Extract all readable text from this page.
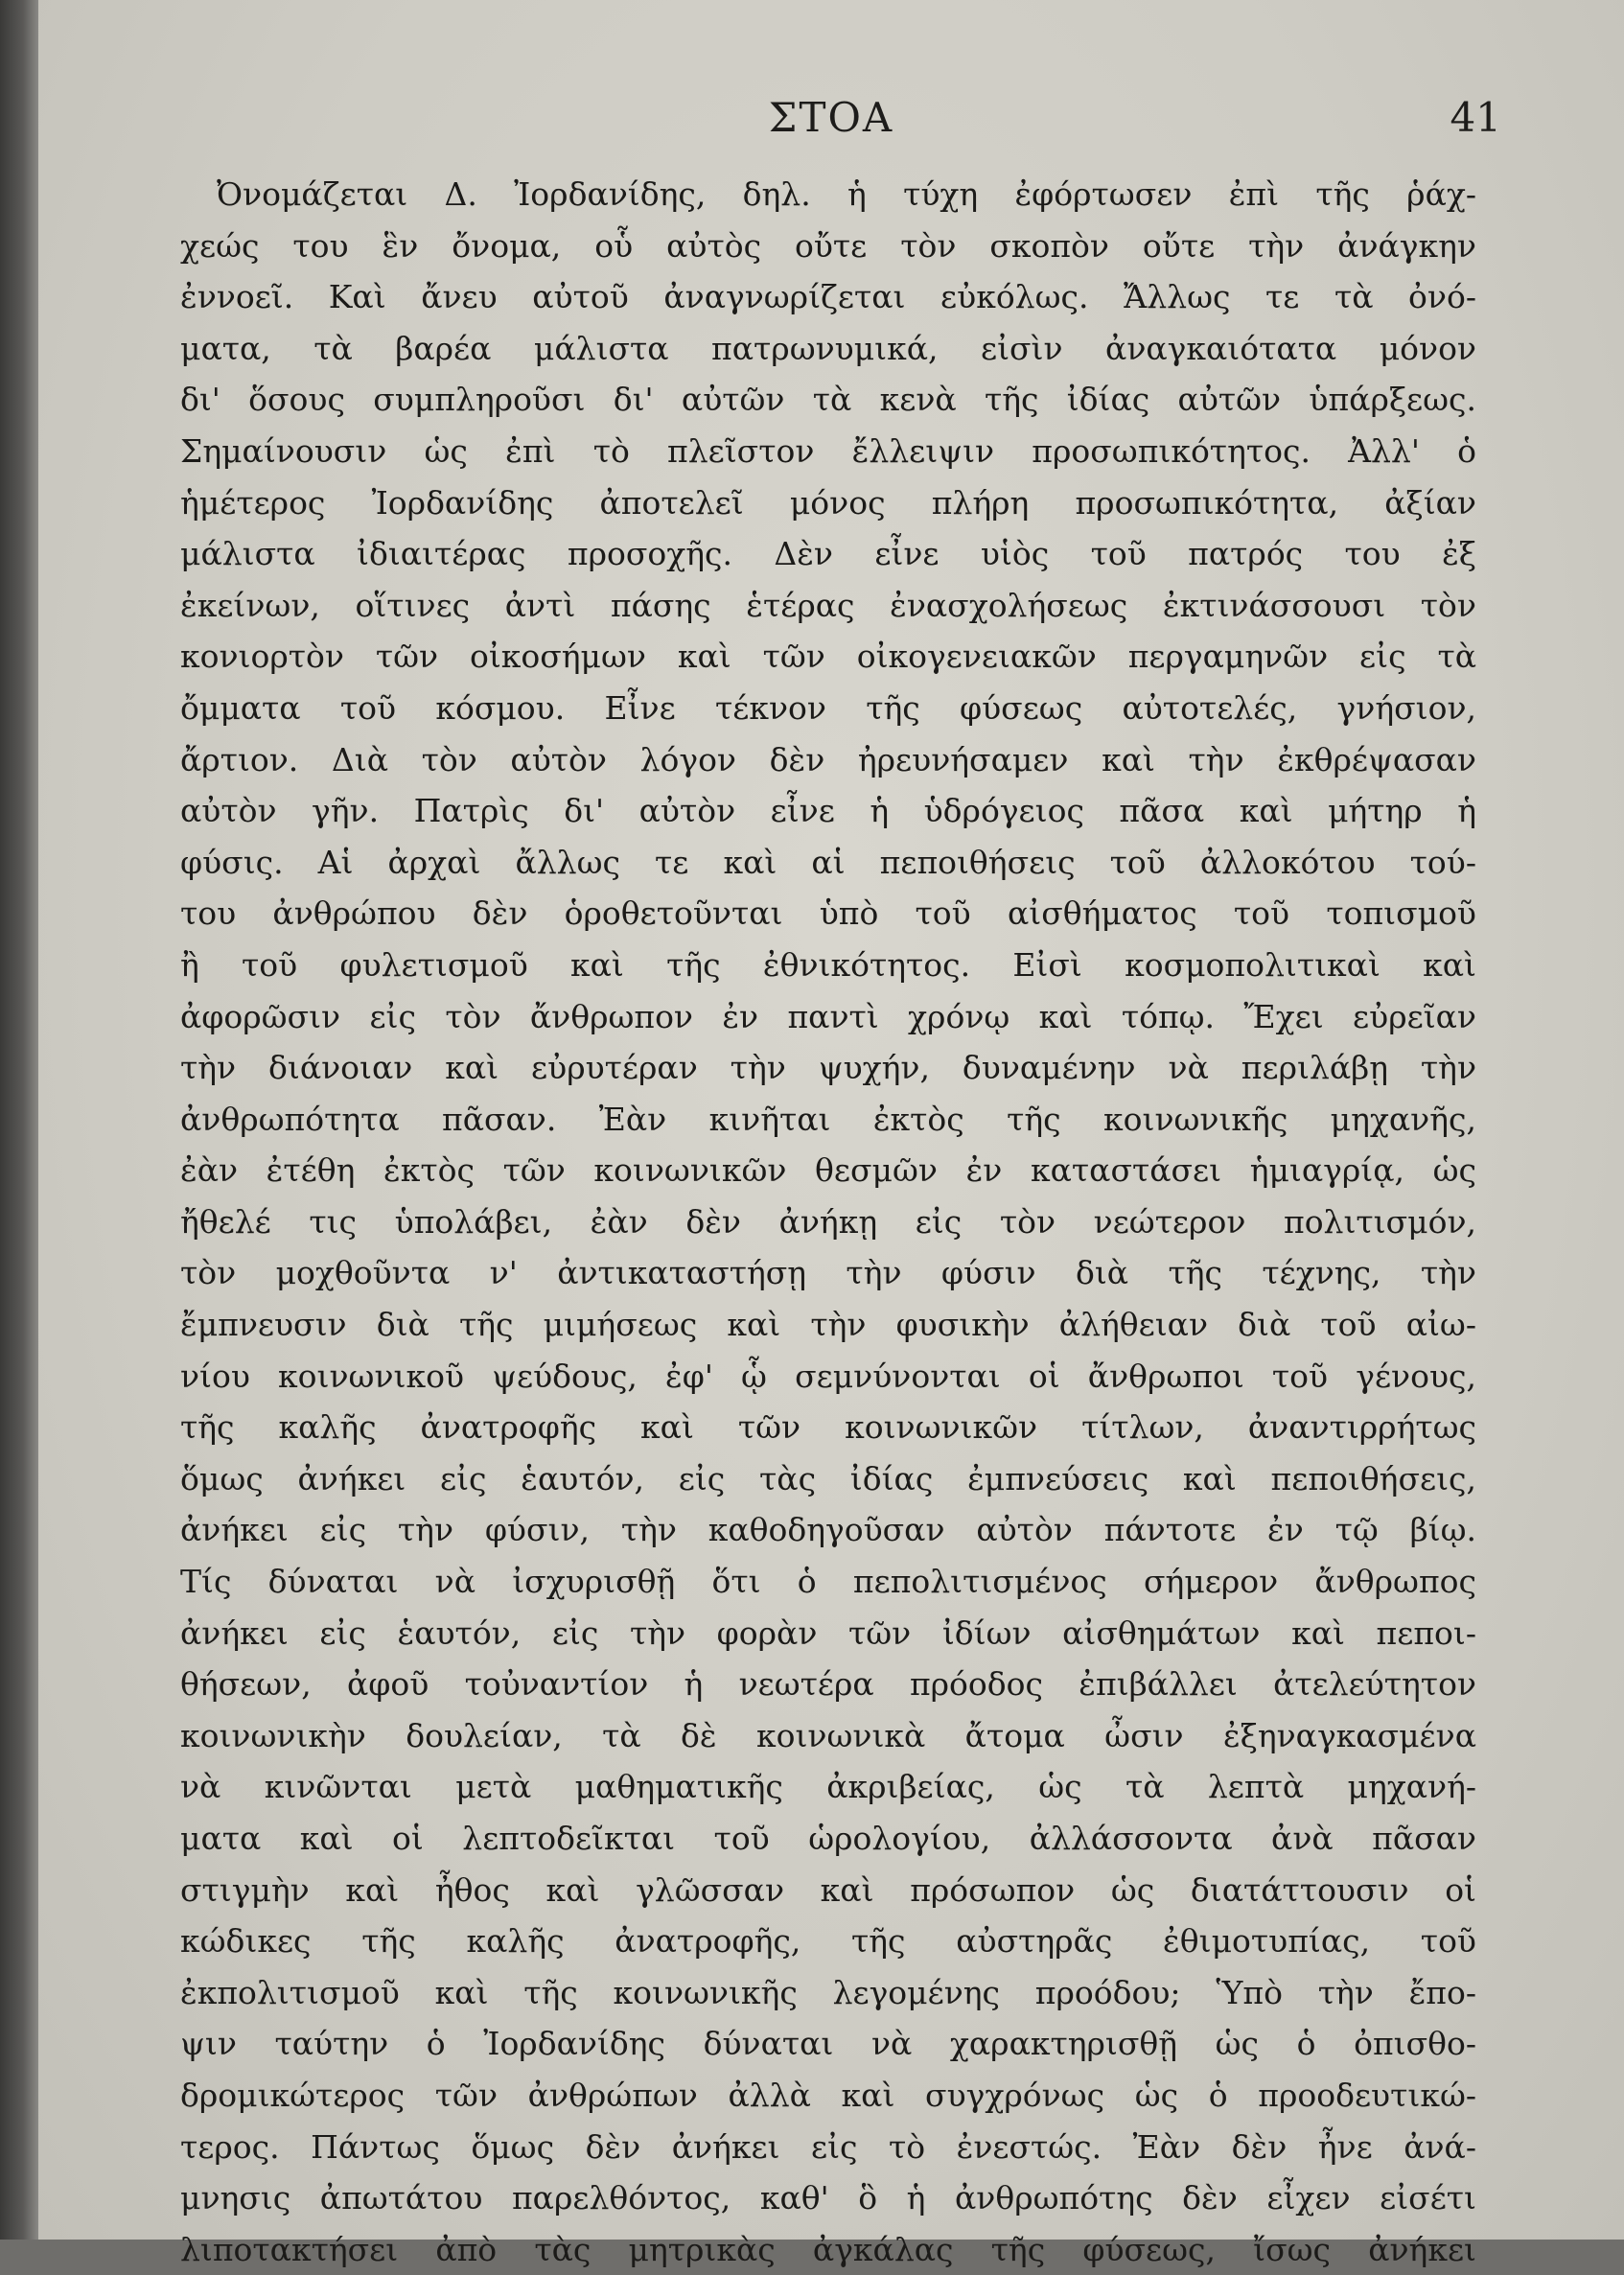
ΣΤΟΑ	41
Ὀνομάζεται Δ. Ἰορδανίδης, δηλ. ἡ τύχη ἐφόρτωσεν ἐπὶ τῆς ῥάχ-
χεώς του ἓν ὄνομα, οὗ αὐτὸς οὔτε τὸν σκοπὸν οὔτε τὴν ἀνάγκην
ἐννοεῖ. Καὶ ἄνευ αὐτοῦ ἀναγνωρίζεται εὐκόλως. Ἄλλως τε τὰ ὀνό-
ματα, τὰ βαρέα μάλιστα πατρωνυμικά, εἰσὶν ἀναγκαιότατα μόνον
δι' ὅσους συμπληροῦσι δι' αὐτῶν τὰ κενὰ τῆς ἰδίας αὐτῶν ὑπάρξεως.
Σημαίνουσιν ὡς ἐπὶ τὸ πλεῖστον ἔλλειψιν προσωπικότητος. Ἀλλ' ὁ
ἡμέτερος Ἰορδανίδης ἀποτελεῖ μόνος πλήρη προσωπικότητα, ἀξίαν
μάλιστα ἰδιαιτέρας προσοχῆς. Δὲν εἶνε υἱὸς τοῦ πατρός του ἐξ
ἐκείνων, οἵτινες ἀντὶ πάσης ἑτέρας ἐνασχολήσεως ἐκτινάσσουσι τὸν
κονιορτὸν τῶν οἰκοσήμων καὶ τῶν οἰκογενειακῶν περγαμηνῶν εἰς τὰ
ὄμματα τοῦ κόσμου. Εἶνε τέκνον τῆς φύσεως αὐτοτελές, γνήσιον,
ἄρτιον. Διὰ τὸν αὐτὸν λόγον δὲν ἠρευνήσαμεν καὶ τὴν ἐκθρέψασαν
αὐτὸν γῆν. Πατρὶς δι' αὐτὸν εἶνε ἡ ὑδρόγειος πᾶσα καὶ μήτηρ ἡ
φύσις. Αἱ ἀρχαὶ ἄλλως τε καὶ αἱ πεποιθήσεις τοῦ ἀλλοκότου τού-
του ἀνθρώπου δὲν ὁροθετοῦνται ὑπὸ τοῦ αἰσθήματος τοῦ τοπισμοῦ
ἢ τοῦ φυλετισμοῦ καὶ τῆς ἐθνικότητος. Εἰσὶ κοσμοπολιτικαὶ καὶ
ἀφορῶσιν εἰς τὸν ἄνθρωπον ἐν παντὶ χρόνῳ καὶ τόπῳ. Ἔχει εὐρεῖαν
τὴν διάνοιαν καὶ εὐρυτέραν τὴν ψυχήν, δυναμένην νὰ περιλάβῃ τὴν
ἀνθρωπότητα πᾶσαν. Ἐὰν κινῆται ἐκτὸς τῆς κοινωνικῆς μηχανῆς,
ἐὰν ἐτέθη ἐκτὸς τῶν κοινωνικῶν θεσμῶν ἐν καταστάσει ἡμιαγρίᾳ, ὡς
ἤθελέ τις ὑπολάβει, ἐὰν δὲν ἀνήκῃ εἰς τὸν νεώτερον πολιτισμόν,
τὸν μοχθοῦντα ν' ἀντικαταστήσῃ τὴν φύσιν διὰ τῆς τέχνης, τὴν
ἔμπνευσιν διὰ τῆς μιμήσεως καὶ τὴν φυσικὴν ἀλήθειαν διὰ τοῦ αἰω-
νίου κοινωνικοῦ ψεύδους, ἐφ' ᾧ σεμνύνονται οἱ ἄνθρωποι τοῦ γένους,
τῆς καλῆς ἀνατροφῆς καὶ τῶν κοινωνικῶν τίτλων, ἀναντιρρήτως
ὅμως ἀνήκει εἰς ἑαυτόν, εἰς τὰς ἰδίας ἐμπνεύσεις καὶ πεποιθήσεις,
ἀνήκει εἰς τὴν φύσιν, τὴν καθοδηγοῦσαν αὐτὸν πάντοτε ἐν τῷ βίῳ.
Τίς δύναται νὰ ἰσχυρισθῇ ὅτι ὁ πεπολιτισμένος σήμερον ἄνθρωπος
ἀνήκει εἰς ἑαυτόν, εἰς τὴν φορὰν τῶν ἰδίων αἰσθημάτων καὶ πεποι-
θήσεων, ἀφοῦ τοὐναντίον ἡ νεωτέρα πρόοδος ἐπιβάλλει ἀτελεύτητον
κοινωνικὴν δουλείαν, τὰ δὲ κοινωνικὰ ἄτομα ὦσιν ἐξηναγκασμένα
νὰ κινῶνται μετὰ μαθηματικῆς ἀκριβείας, ὡς τὰ λεπτὰ μηχανή-
ματα καὶ οἱ λεπτοδεῖκται τοῦ ὡρολογίου, ἀλλάσσοντα ἀνὰ πᾶσαν
στιγμὴν καὶ ἦθος καὶ γλῶσσαν καὶ πρόσωπον ὡς διατάττουσιν οἱ
κώδικες τῆς καλῆς ἀνατροφῆς, τῆς αὐστηρᾶς ἐθιμοτυπίας, τοῦ
ἐκπολιτισμοῦ καὶ τῆς κοινωνικῆς λεγομένης προόδου; Ὑπὸ τὴν ἔπο-
ψιν ταύτην ὁ Ἰορδανίδης δύναται νὰ χαρακτηρισθῇ ὡς ὁ ὀπισθο-
δρομικώτερος τῶν ἀνθρώπων ἀλλὰ καὶ συγχρόνως ὡς ὁ προοδευτικώ-
τερος. Πάντως ὅμως δὲν ἀνήκει εἰς τὸ ἐνεστώς. Ἐὰν δὲν ἦνε ἀνά-
μνησις ἀπωτάτου παρελθόντος, καθ' ὃ ἡ ἀνθρωπότης δὲν εἶχεν εἰσέτι
λιποτακτήσει ἀπὸ τὰς μητρικὰς ἀγκάλας τῆς φύσεως, ἴσως ἀνήκει
